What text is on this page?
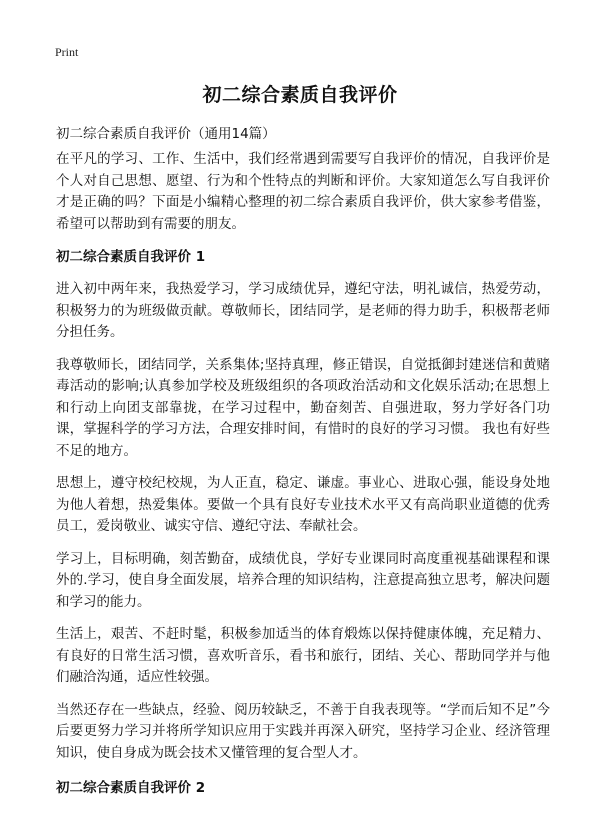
Print
初二综合素质自我评价
初二综合素质自我评价（通用14篇）

在平凡的学习、工作、生活中，我们经常遇到需要写自我评价的情况，自我评价是个人对自己思想、愿望、行为和个性特点的判断和评价。大家知道怎么写自我评价才是正确的吗？下面是小编精心整理的初二综合素质自我评价，供大家参考借鉴，希望可以帮助到有需要的朋友。

初二综合素质自我评价 1

进入初中两年来，我热爱学习，学习成绩优异，遵纪守法，明礼诚信，热爱劳动，积极努力的为班级做贡献。尊敬师长，团结同学，是老师的得力助手，积极帮老师分担任务。

我尊敬师长，团结同学，关系集体;坚持真理，修正错误，自觉抵御封建迷信和黄赌毒活动的影响;认真参加学校及班级组织的各项政治活动和文化娱乐活动;在思想上和行动上向团支部靠拢，在学习过程中，勤奋刻苦、自强进取，努力学好各门功课，掌握科学的学习方法，合理安排时间，有惜时的良好的学习习惯。 我也有好些不足的地方。

思想上，遵守校纪校规，为人正直，稳定、谦虚。事业心、进取心强，能设身处地为他人着想，热爱集体。要做一个具有良好专业技术水平又有高尚职业道德的优秀员工，爱岗敬业、诚实守信、遵纪守法、奉献社会。

学习上，目标明确，刻苦勤奋，成绩优良，学好专业课同时高度重视基础课程和课外的.学习，使自身全面发展，培养合理的知识结构，注意提高独立思考，解决问题和学习的能力。

生活上，艰苦、不赶时髦，积极参加适当的体育煅炼以保持健康体魄，充足精力、有良好的日常生活习惯，喜欢听音乐，看书和旅行，团结、关心、帮助同学并与他们融洽沟通，适应性较强。

当然还存在一些缺点，经验、阅历较缺乏，不善于自我表现等。“学而后知不足”今后要更努力学习并将所学知识应用于实践并再深入研究，坚持学习企业、经济管理知识，使自身成为既会技术又懂管理的复合型人才。

初二综合素质自我评价 2
